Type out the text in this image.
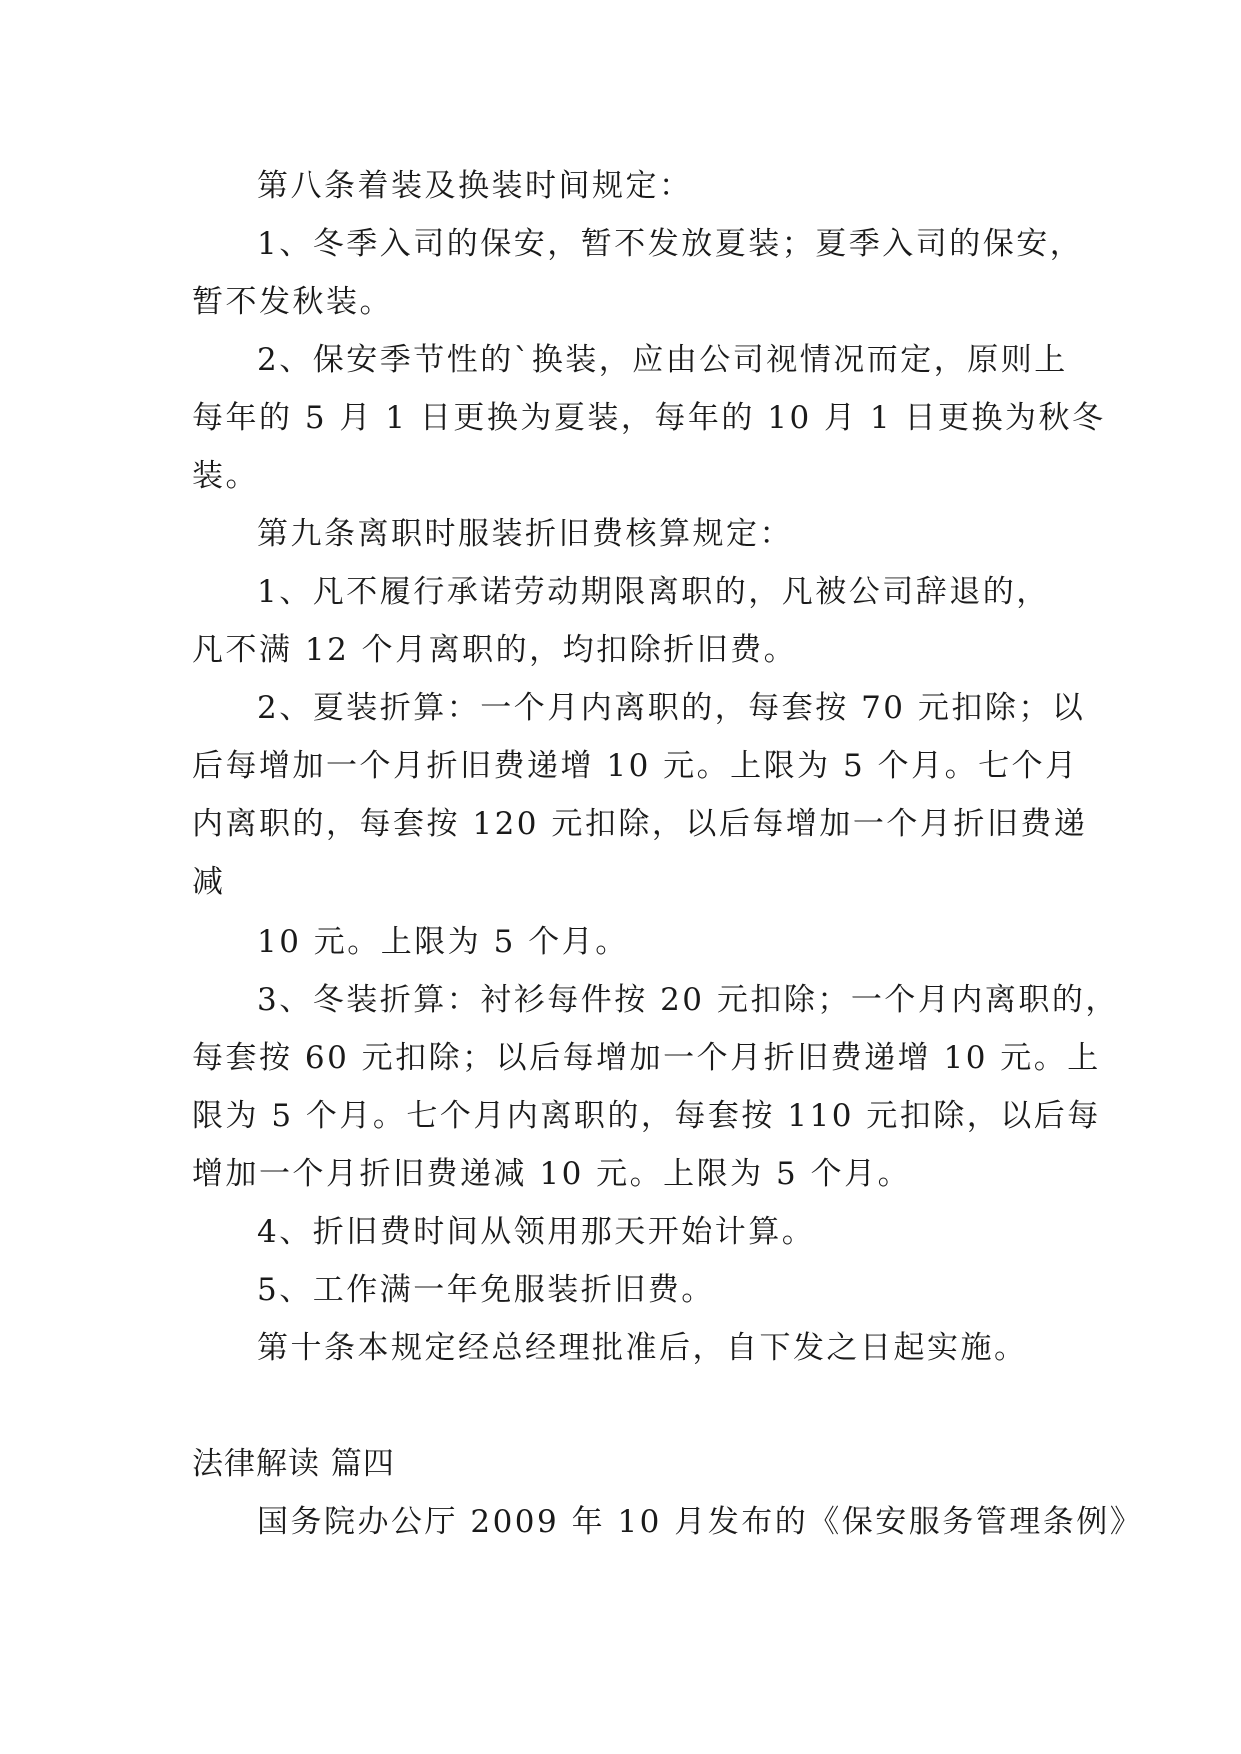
第八条着装及换装时间规定：
1、冬季入司的保安，暂不发放夏装；夏季入司的保安，
暂不发秋装。
2、保安季节性的`换装，应由公司视情况而定，原则上
每年的 5 月 1 日更换为夏装，每年的 10 月 1 日更换为秋冬
装。
第九条离职时服装折旧费核算规定：
1、凡不履行承诺劳动期限离职的，凡被公司辞退的，
凡不满 12 个月离职的，均扣除折旧费。
2、夏装折算：一个月内离职的，每套按 70 元扣除；以
后每增加一个月折旧费递增 10 元。上限为 5 个月。七个月
内离职的，每套按 120 元扣除，以后每增加一个月折旧费递
减
10 元。上限为 5 个月。
3、冬装折算：衬衫每件按 20 元扣除；一个月内离职的，
每套按 60 元扣除；以后每增加一个月折旧费递增 10 元。上
限为 5 个月。七个月内离职的，每套按 110 元扣除，以后每
增加一个月折旧费递减 10 元。上限为 5 个月。
4、折旧费时间从领用那天开始计算。
5、工作满一年免服装折旧费。
第十条本规定经总经理批准后，自下发之日起实施。
法律解读 篇四
国务院办公厅 2009 年 10 月发布的《保安服务管理条例》
